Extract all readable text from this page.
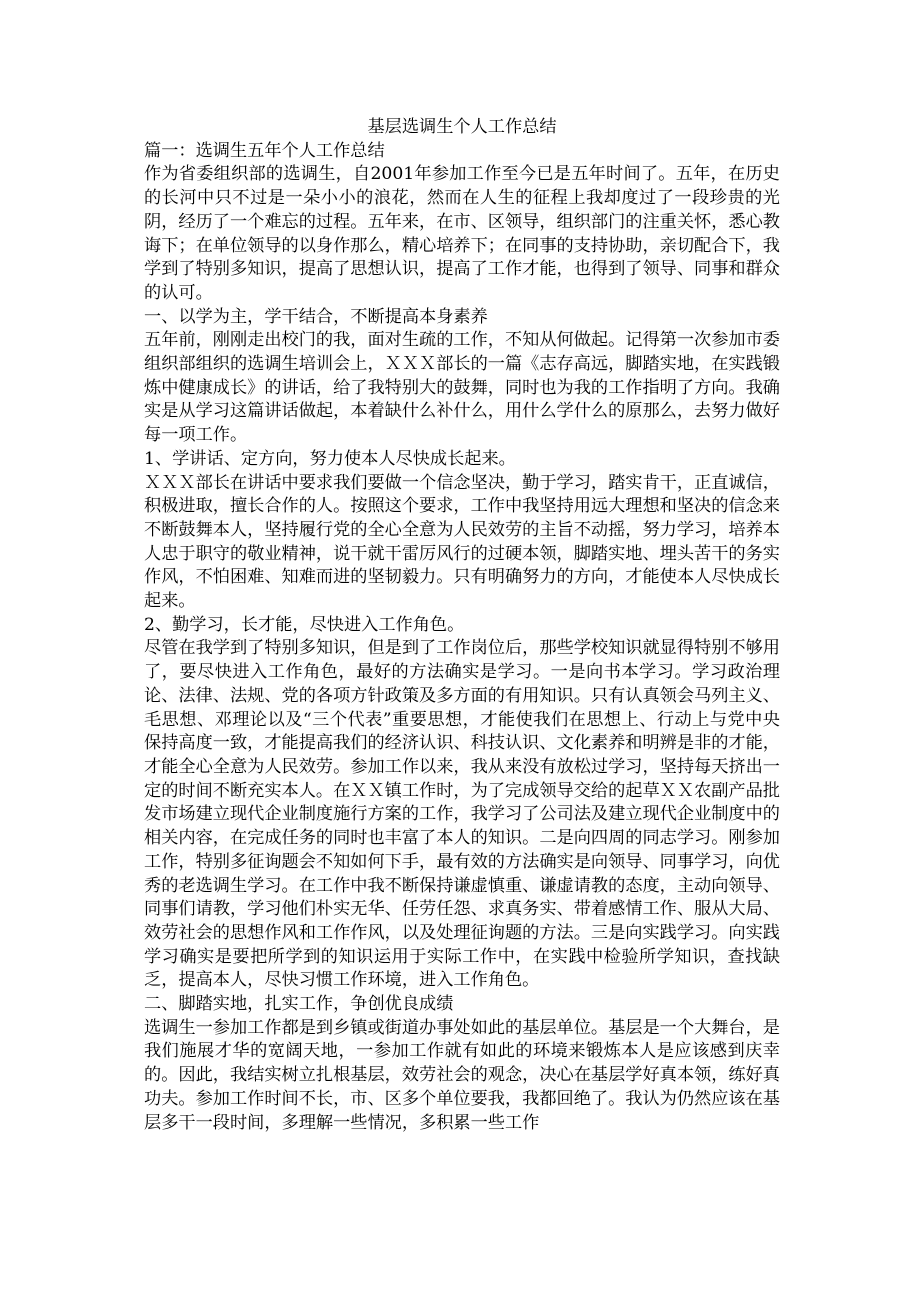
基层选调生个人工作总结

篇一：选调生五年个人工作总结

作为省委组织部的选调生，自2001年参加工作至今已是五年时间了。五年，在历史的长河中只不过是一朵小小的浪花，然而在人生的征程上我却度过了一段珍贵的光阴，经历了一个难忘的过程。五年来，在市、区领导，组织部门的注重关怀，悉心教诲下；在单位领导的以身作那么，精心培养下；在同事的支持协助，亲切配合下，我学到了特别多知识，提高了思想认识，提高了工作才能，也得到了领导、同事和群众的认可。

一、以学为主，学干结合，不断提高本身素养

五年前，刚刚走出校门的我，面对生疏的工作，不知从何做起。记得第一次参加市委组织部组织的选调生培训会上，ＸＸＸ部长的一篇《志存高远，脚踏实地，在实践锻炼中健康成长》的讲话，给了我特别大的鼓舞，同时也为我的工作指明了方向。我确实是从学习这篇讲话做起，本着缺什么补什么，用什么学什么的原那么，去努力做好每一项工作。

1、学讲话、定方向，努力使本人尽快成长起来。

ＸＸＸ部长在讲话中要求我们要做一个信念坚决，勤于学习，踏实肯干，正直诚信，积极进取，擅长合作的人。按照这个要求，工作中我坚持用远大理想和坚决的信念来不断鼓舞本人，坚持履行党的全心全意为人民效劳的主旨不动摇，努力学习，培养本人忠于职守的敬业精神，说干就干雷厉风行的过硬本领，脚踏实地、埋头苦干的务实作风，不怕困难、知难而进的坚韧毅力。只有明确努力的方向，才能使本人尽快成长起来。

2、勤学习，长才能，尽快进入工作角色。

尽管在我学到了特别多知识，但是到了工作岗位后，那些学校知识就显得特别不够用了，要尽快进入工作角色，最好的方法确实是学习。一是向书本学习。学习政治理论、法律、法规、党的各项方针政策及多方面的有用知识。只有认真领会马列主义、毛思想、邓理论以及“三个代表”重要思想，才能使我们在思想上、行动上与党中央保持高度一致，才能提高我们的经济认识、科技认识、文化素养和明辨是非的才能，才能全心全意为人民效劳。参加工作以来，我从来没有放松过学习，坚持每天挤出一定的时间不断充实本人。在ＸＸ镇工作时，为了完成领导交给的起草ＸＸ农副产品批发市场建立现代企业制度施行方案的工作，我学习了公司法及建立现代企业制度中的相关内容，在完成任务的同时也丰富了本人的知识。二是向四周的同志学习。刚参加工作，特别多征询题会不知如何下手，最有效的方法确实是向领导、同事学习，向优秀的老选调生学习。在工作中我不断保持谦虚慎重、谦虚请教的态度，主动向领导、同事们请教，学习他们朴实无华、任劳任怨、求真务实、带着感情工作、服从大局、效劳社会的思想作风和工作作风，以及处理征询题的方法。三是向实践学习。向实践学习确实是要把所学到的知识运用于实际工作中，在实践中检验所学知识，查找缺乏，提高本人，尽快习惯工作环境，进入工作角色。

二、脚踏实地，扎实工作，争创优良成绩

选调生一参加工作都是到乡镇或街道办事处如此的基层单位。基层是一个大舞台，是我们施展才华的宽阔天地，一参加工作就有如此的环境来锻炼本人是应该感到庆幸的。因此，我结实树立扎根基层，效劳社会的观念，决心在基层学好真本领，练好真功夫。参加工作时间不长，市、区多个单位要我，我都回绝了。我认为仍然应该在基层多干一段时间，多理解一些情况，多积累一些工作
